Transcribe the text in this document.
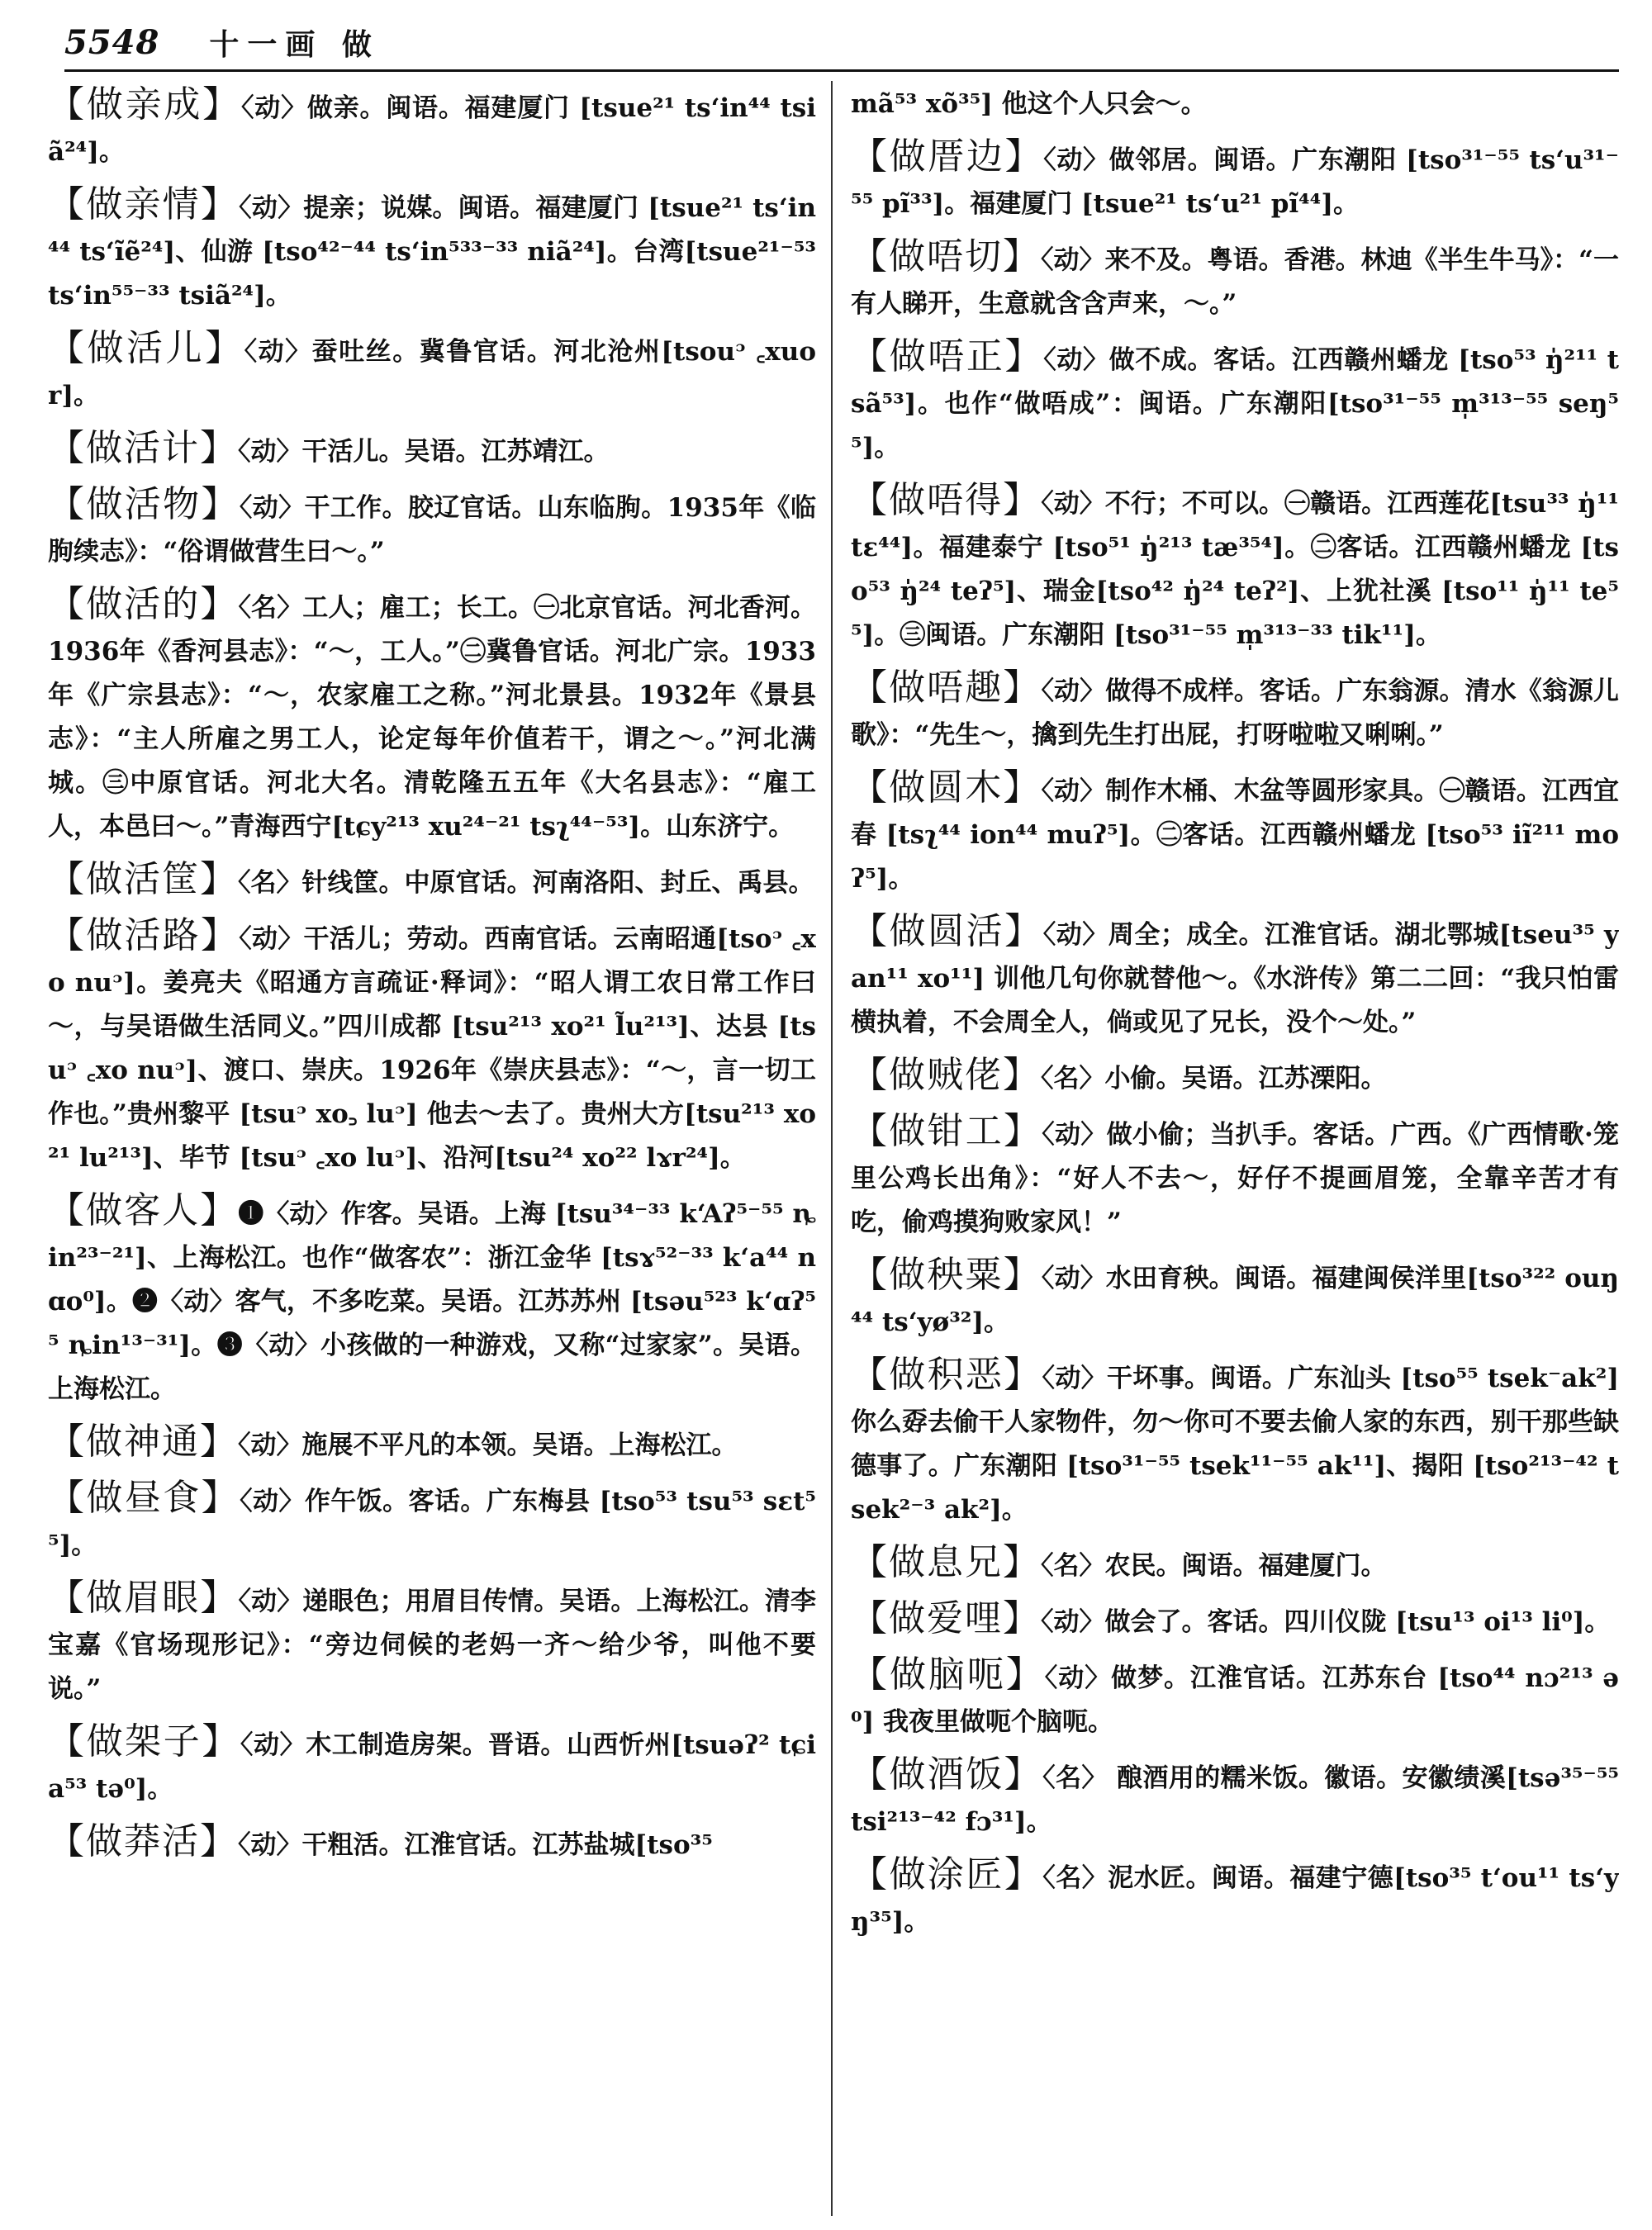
5548 十一画 做

【做亲成】〈动〉做亲。闽语。福建厦门 [tsue²¹ tsʻin⁴⁴ tsiã²⁴]。

【做亲情】〈动〉提亲；说媒。闽语。福建厦门 [tsue²¹ tsʻin⁴⁴ tsʻĩẽ²⁴]、仙游 [tso⁴²⁻⁴⁴ tsʻin⁵³³⁻³³ niã²⁴]。台湾[tsue²¹⁻⁵³ tsʻin⁵⁵⁻³³ tsiã²⁴]。

【做活儿】〈动〉蚕吐丝。冀鲁官话。河北沧州[tsouᵓ ꜀xuor]。

【做活计】〈动〉干活儿。吴语。江苏靖江。

【做活物】〈动〉干工作。胶辽官话。山东临朐。1935年《临朐续志》：“俗谓做营生曰～。”

【做活的】〈名〉工人；雇工；长工。㊀北京官话。河北香河。1936年《香河县志》：“～，工人。”㊁冀鲁官话。河北广宗。1933年《广宗县志》：“～，农家雇工之称。”河北景县。1932年《景县志》：“主人所雇之男工人，论定每年价值若干，谓之～。”河北满城。㊂中原官话。河北大名。清乾隆五五年《大名县志》：“雇工人，本邑曰～。”青海西宁[tɕy²¹³ xu²⁴⁻²¹ tsʅ⁴⁴⁻⁵³]。山东济宁。

【做活筐】〈名〉针线筐。中原官话。河南洛阳、封丘、禹县。

【做活路】〈动〉干活儿；劳动。西南官话。云南昭通[tsoᵓ ꜀xo nuᵓ]。姜亮夫《昭通方言疏证·释词》：“昭人谓工农日常工作曰～，与吴语做生活同义。”四川成都 [tsu²¹³ xo²¹ l̃u²¹³]、达县 [tsuᵓ ꜀xo nuᵓ]、渡口、崇庆。1926年《崇庆县志》：“～，言一切工作也。”贵州黎平 [tsuᵓ xo꜆ luᵓ] 他去～去了。贵州大方[tsu²¹³ xo²¹ lu²¹³]、毕节 [tsuᵓ ꜀xo luᵓ]、沿河[tsu²⁴ xo²² lɤr²⁴]。

【做客人】❶〈动〉作客。吴语。上海 [tsu³⁴⁻³³ kʻAʔ⁵⁻⁵⁵ ȵin²³⁻²¹]、上海松江。也作“做客农”：浙江金华 [tsɤ⁵²⁻³³ kʻa⁴⁴ nɑo⁰]。❷〈动〉客气，不多吃菜。吴语。江苏苏州 [tsəu⁵²³ kʻɑʔ⁵⁵ ȵin¹³⁻³¹]。❸〈动〉小孩做的一种游戏，又称“过家家”。吴语。上海松江。

【做神通】〈动〉施展不平凡的本领。吴语。上海松江。

【做昼食】〈动〉作午饭。客话。广东梅县 [tso⁵³ tsu⁵³ sɛt⁵⁵]。

【做眉眼】〈动〉递眼色；用眉目传情。吴语。上海松江。清李宝嘉《官场现形记》：“旁边伺候的老妈一齐～给少爷，叫他不要说。”

【做架子】〈动〉木工制造房架。晋语。山西忻州[tsuəʔ² tɕia⁵³ tə⁰]。

【做莽活】〈动〉干粗活。江淮官话。江苏盐城[tso³⁵

mã⁵³ xõ³⁵] 他这个人只会～。

【做厝边】〈动〉做邻居。闽语。广东潮阳 [tso³¹⁻⁵⁵ tsʻu³¹⁻⁵⁵ pĩ³³]。福建厦门 [tsue²¹ tsʻu²¹ pĩ⁴⁴]。

【做唔切】〈动〉来不及。粤语。香港。林迪《半生牛马》：“一有人睇开，生意就含含声来，～。”

【做唔正】〈动〉做不成。客话。江西赣州蟠龙 [tso⁵³ ŋ̍²¹¹ tsã⁵³]。也作“做唔成”：闽语。广东潮阳[tso³¹⁻⁵⁵ m̩³¹³⁻⁵⁵ seŋ⁵⁵]。

【做唔得】〈动〉不行；不可以。㊀赣语。江西莲花[tsu³³ ŋ̍¹¹ tɛ⁴⁴]。福建泰宁 [tso⁵¹ ŋ̍²¹³ tæ³⁵⁴]。㊁客话。江西赣州蟠龙 [tso⁵³ ŋ̍²⁴ teʔ⁵]、瑞金[tso⁴² ŋ̍²⁴ teʔ²]、上犹社溪 [tso¹¹ ŋ̍¹¹ te⁵⁵]。㊂闽语。广东潮阳 [tso³¹⁻⁵⁵ m̩³¹³⁻³³ tik¹¹]。

【做唔趣】〈动〉做得不成样。客话。广东翁源。清水《翁源儿歌》：“先生～，擒到先生打出屁，打呀啦啦又唎唎。”

【做圆木】〈动〉制作木桶、木盆等圆形家具。㊀赣语。江西宜春 [tsʅ⁴⁴ ion⁴⁴ muʔ⁵]。㊁客话。江西赣州蟠龙 [tso⁵³ iĩ²¹¹ moʔ⁵]。

【做圆活】〈动〉周全；成全。江淮官话。湖北鄂城[tseu³⁵ yan¹¹ xo¹¹] 训他几句你就替他～。《水浒传》第二二回：“我只怕雷横执着，不会周全人，倘或见了兄长，没个～处。”

【做贼佬】〈名〉小偷。吴语。江苏溧阳。

【做钳工】〈动〉做小偷；当扒手。客话。广西。《广西情歌·笼里公鸡长出角》：“好人不去～，好仔不提画眉笼，全靠辛苦才有吃，偷鸡摸狗败家风！”

【做秧粟】〈动〉水田育秧。闽语。福建闽侯洋里[tso³²² ouŋ⁴⁴ tsʻyø³²]。

【做积恶】〈动〉干坏事。闽语。广东汕头 [tso⁵⁵ tsek⁻ak²] 你么孬去偷干人家物件，勿～你可不要去偷人家的东西，别干那些缺德事了。广东潮阳 [tso³¹⁻⁵⁵ tsek¹¹⁻⁵⁵ ak¹¹]、揭阳 [tso²¹³⁻⁴² tsek²⁻³ ak²]。

【做息兄】〈名〉农民。闽语。福建厦门。

【做爱哩】〈动〉做会了。客话。四川仪陇 [tsu¹³ oi¹³ li⁰]。

【做脑呃】〈动〉做梦。江淮官话。江苏东台 [tso⁴⁴ nɔ²¹³ ə⁰] 我夜里做呃个脑呃。

【做酒饭】〈名〉 酿酒用的糯米饭。徽语。安徽绩溪[tsə³⁵⁻⁵⁵ tsi²¹³⁻⁴² fɔ³¹]。

【做涂匠】〈名〉泥水匠。闽语。福建宁德[tso³⁵ tʻou¹¹ tsʻyŋ³⁵]。
